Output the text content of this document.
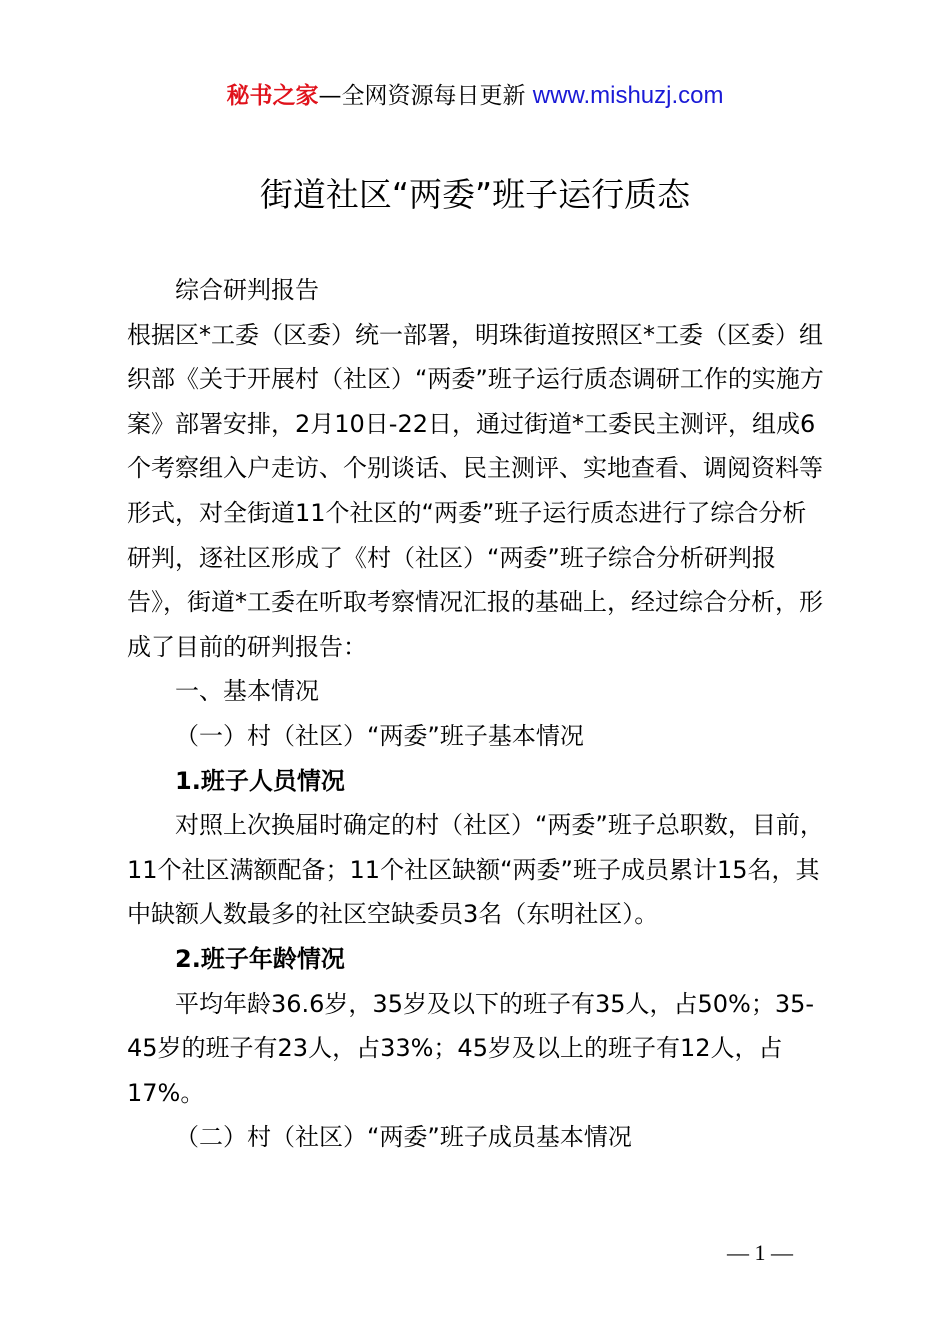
秘书之家—全网资源每日更新 www.mishuzj.com
街道社区“两委”班子运行质态

综合研判报告

根据区*工委（区委）统一部署，明珠街道按照区*工委（区委）组织部《关于开展村（社区）“两委”班子运行质态调研工作的实施方案》部署安排，2月10日-22日，通过街道*工委民主测评，组成6个考察组入户走访、个别谈话、民主测评、实地查看、调阅资料等形式，对全街道11个社区的“两委”班子运行质态进行了综合分析研判，逐社区形成了《村（社区）“两委”班子综合分析研判报告》，街道*工委在听取考察情况汇报的基础上，经过综合分析，形成了目前的研判报告：

一、基本情况

（一）村（社区）“两委”班子基本情况

1.班子人员情况

对照上次换届时确定的村（社区）“两委”班子总职数，目前，11个社区满额配备；11个社区缺额“两委”班子成员累计15名，其中缺额人数最多的社区空缺委员3名（东明社区）。

2.班子年龄情况

平均年龄36.6岁，35岁及以下的班子有35人，占50%；35-45岁的班子有23人，占33%；45岁及以上的班子有12人，占17%。

（二）村（社区）“两委”班子成员基本情况

— 1 —
